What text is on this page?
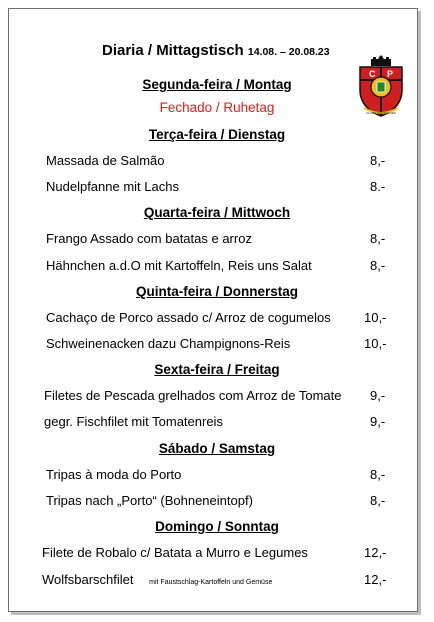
Diaria / Mittagstisch 14.08. – 20.08.23
C P
CLUBE PORTUGUES
Segunda-feira / Montag
Fechado / Ruhetag
Terça-feira / Dienstag
Massada de Salmão	8,-
Nudelpfanne mit Lachs	8.-
Quarta-feira / Mittwoch
Frango Assado com batatas e arroz	8,-
Hähnchen a.d.O mit Kartoffeln, Reis uns Salat	8,-
Quinta-feira / Donnerstag
Cachaço de Porco assado c/ Arroz de cogumelos	10,-
Schweinenacken dazu Champignons-Reis	10,-
Sexta-feira / Freitag
Filetes de Pescada grelhados com Arroz de Tomate 9,-
gegr. Fischfilet mit Tomatenreis	9,-
Sábado / Samstag
Tripas à moda do Porto	8,-
Tripas nach „Porto“ (Bohneneintopf)	8,-
Domingo / Sonntag
Filete de Robalo c/ Batata a Murro e Legumes	12,-
Wolfsbarschfilet mit Faustschlag-Kartoffeln und Gemüse	12,-
